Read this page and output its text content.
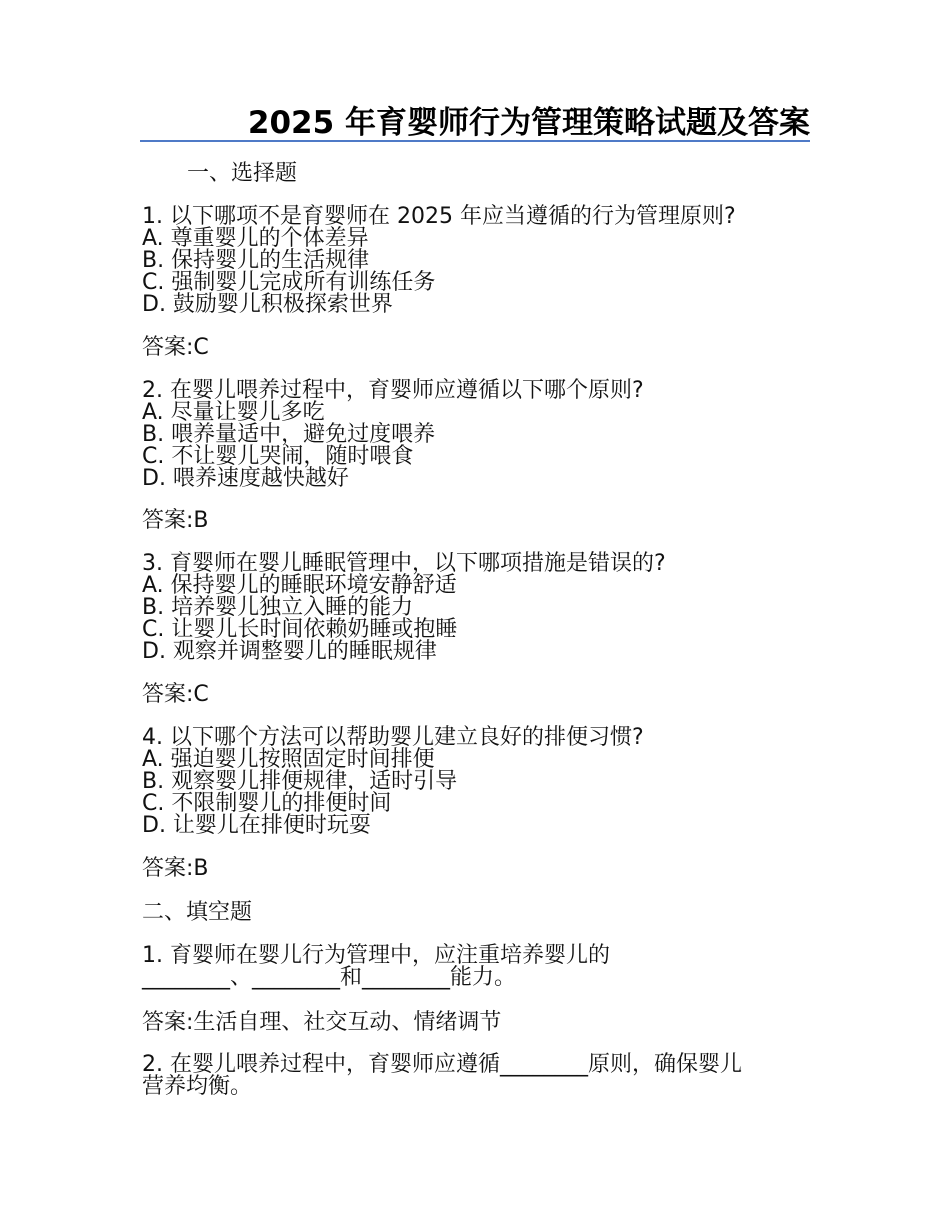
2025 年育婴师行为管理策略试题及答案
一、选择题
1. 以下哪项不是育婴师在 2025 年应当遵循的行为管理原则?
A. 尊重婴儿的个体差异
B. 保持婴儿的生活规律
C. 强制婴儿完成所有训练任务
D. 鼓励婴儿积极探索世界
答案:C
2. 在婴儿喂养过程中，育婴师应遵循以下哪个原则?
A. 尽量让婴儿多吃
B. 喂养量适中，避免过度喂养
C. 不让婴儿哭闹，随时喂食
D. 喂养速度越快越好
答案:B
3. 育婴师在婴儿睡眠管理中，以下哪项措施是错误的?
A. 保持婴儿的睡眠环境安静舒适
B. 培养婴儿独立入睡的能力
C. 让婴儿长时间依赖奶睡或抱睡
D. 观察并调整婴儿的睡眠规律
答案:C
4. 以下哪个方法可以帮助婴儿建立良好的排便习惯?
A. 强迫婴儿按照固定时间排便
B. 观察婴儿排便规律，适时引导
C. 不限制婴儿的排便时间
D. 让婴儿在排便时玩耍
答案:B
二、填空题
1. 育婴师在婴儿行为管理中，应注重培养婴儿的
________、________和________能力。
答案:生活自理、社交互动、情绪调节
2. 在婴儿喂养过程中，育婴师应遵循________原则，确保婴儿
营养均衡。
